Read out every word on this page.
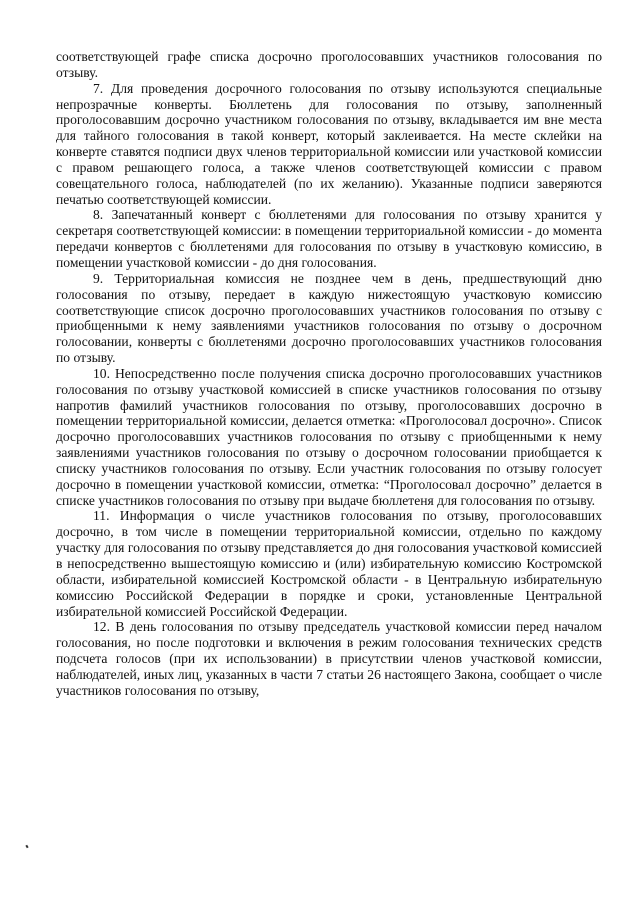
соответствующей графе списка досрочно проголосовавших участников голосования по отзыву.

7. Для проведения досрочного голосования по отзыву используются специальные непрозрачные конверты. Бюллетень для голосования по отзыву, заполненный проголосовавшим досрочно участником голосования по отзыву, вкладывается им вне места для тайного голосования в такой конверт, который заклеивается. На месте склейки на конверте ставятся подписи двух членов территориальной комиссии или участковой комиссии с правом решающего голоса, а также членов соответствующей комиссии с правом совещательного голоса, наблюдателей (по их желанию). Указанные подписи заверяются печатью соответствующей комиссии.

8. Запечатанный конверт с бюллетенями для голосования по отзыву хранится у секретаря соответствующей комиссии: в помещении территориальной комиссии - до момента передачи конвертов с бюллетенями для голосования по отзыву в участковую комиссию, в помещении участковой комиссии - до дня голосования.

9. Территориальная комиссия не позднее чем в день, предшествующий дню голосования по отзыву, передает в каждую нижестоящую участковую комиссию соответствующие список досрочно проголосовавших участников голосования по отзыву с приобщенными к нему заявлениями участников голосования по отзыву о досрочном голосовании, конверты с бюллетенями досрочно проголосовавших участников голосования по отзыву.

10. Непосредственно после получения списка досрочно проголосовавших участников голосования по отзыву участковой комиссией в списке участников голосования по отзыву напротив фамилий участников голосования по отзыву, проголосовавших досрочно в помещении территориальной комиссии, делается отметка: «Проголосовал досрочно». Список досрочно проголосовавших участников голосования по отзыву с приобщенными к нему заявлениями участников голосования по отзыву о досрочном голосовании приобщается к списку участников голосования по отзыву. Если участник голосования по отзыву голосует досрочно в помещении участковой комиссии, отметка: “Проголосовал досрочно” делается в списке участников голосования по отзыву при выдаче бюллетеня для голосования по отзыву.

11. Информация о числе участников голосования по отзыву, проголосовавших досрочно, в том числе в помещении территориальной комиссии, отдельно по каждому участку для голосования по отзыву представляется до дня голосования участковой комиссией в непосредственно вышестоящую комиссию и (или) избирательную комиссию Костромской области, избирательной комиссией Костромской области - в Центральную избирательную комиссию Российской Федерации в порядке и сроки, установленные Центральной избирательной комиссией Российской Федерации.

12. В день голосования по отзыву председатель участковой комиссии перед началом голосования, но после подготовки и включения в режим голосования технических средств подсчета голосов (при их использовании) в присутствии членов участковой комиссии, наблюдателей, иных лиц, указанных в части 7 статьи 26 настоящего Закона, сообщает о числе участников голосования по отзыву,
